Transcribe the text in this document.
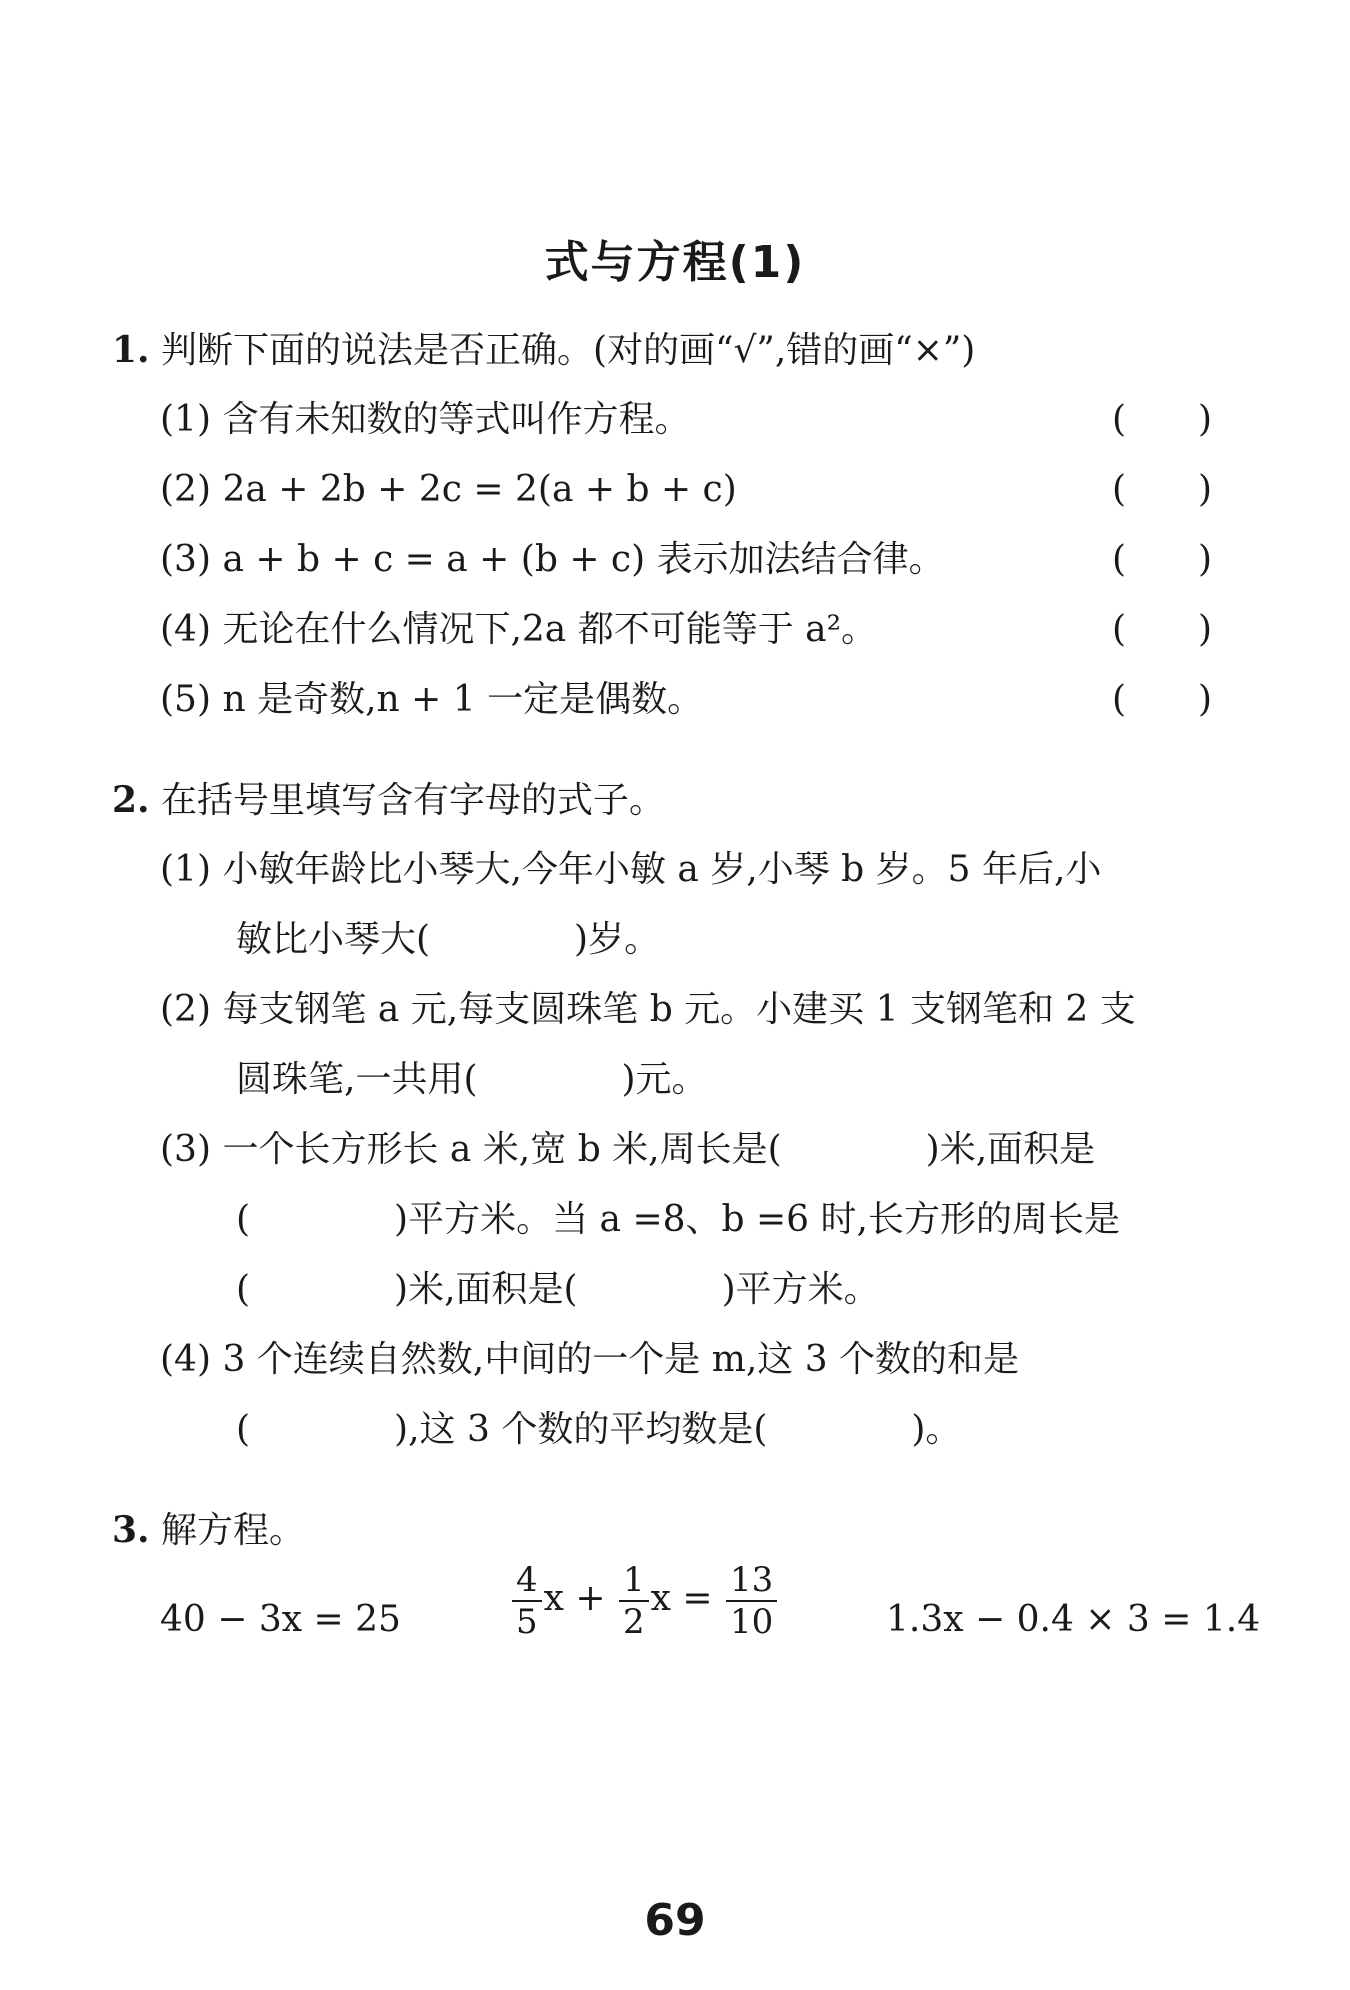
式与方程(1)
1. 判断下面的说法是否正确。(对的画“√”,错的画“×”)
(1) 含有未知数的等式叫作方程。	(　　)
(2) 2a + 2b + 2c = 2(a + b + c)	(　　)
(3) a + b + c = a + (b + c) 表示加法结合律。	(　　)
(4) 无论在什么情况下,2a 都不可能等于 a²。	(　　)
(5) n 是奇数,n + 1 一定是偶数。	(　　)
2. 在括号里填写含有字母的式子。
(1) 小敏年龄比小琴大,今年小敏 a 岁,小琴 b 岁。5 年后,小
敏比小琴大(　　　　)岁。
(2) 每支钢笔 a 元,每支圆珠笔 b 元。小建买 1 支钢笔和 2 支
圆珠笔,一共用(　　　　)元。
(3) 一个长方形长 a 米,宽 b 米,周长是(　　　　)米,面积是
(　　　　)平方米。当 a =8、b =6 时,长方形的周长是
(　　　　)米,面积是(　　　　)平方米。
(4) 3 个连续自然数,中间的一个是 m,这 3 个数的和是
(　　　　),这 3 个数的平均数是(　　　　)。
3. 解方程。
40 − 3x = 25	$\frac{4}{5}$ $x + \frac{1}{2}$ $x = \frac{13}{10}$	1.3x − 0.4 × 3 = 1.4
69
